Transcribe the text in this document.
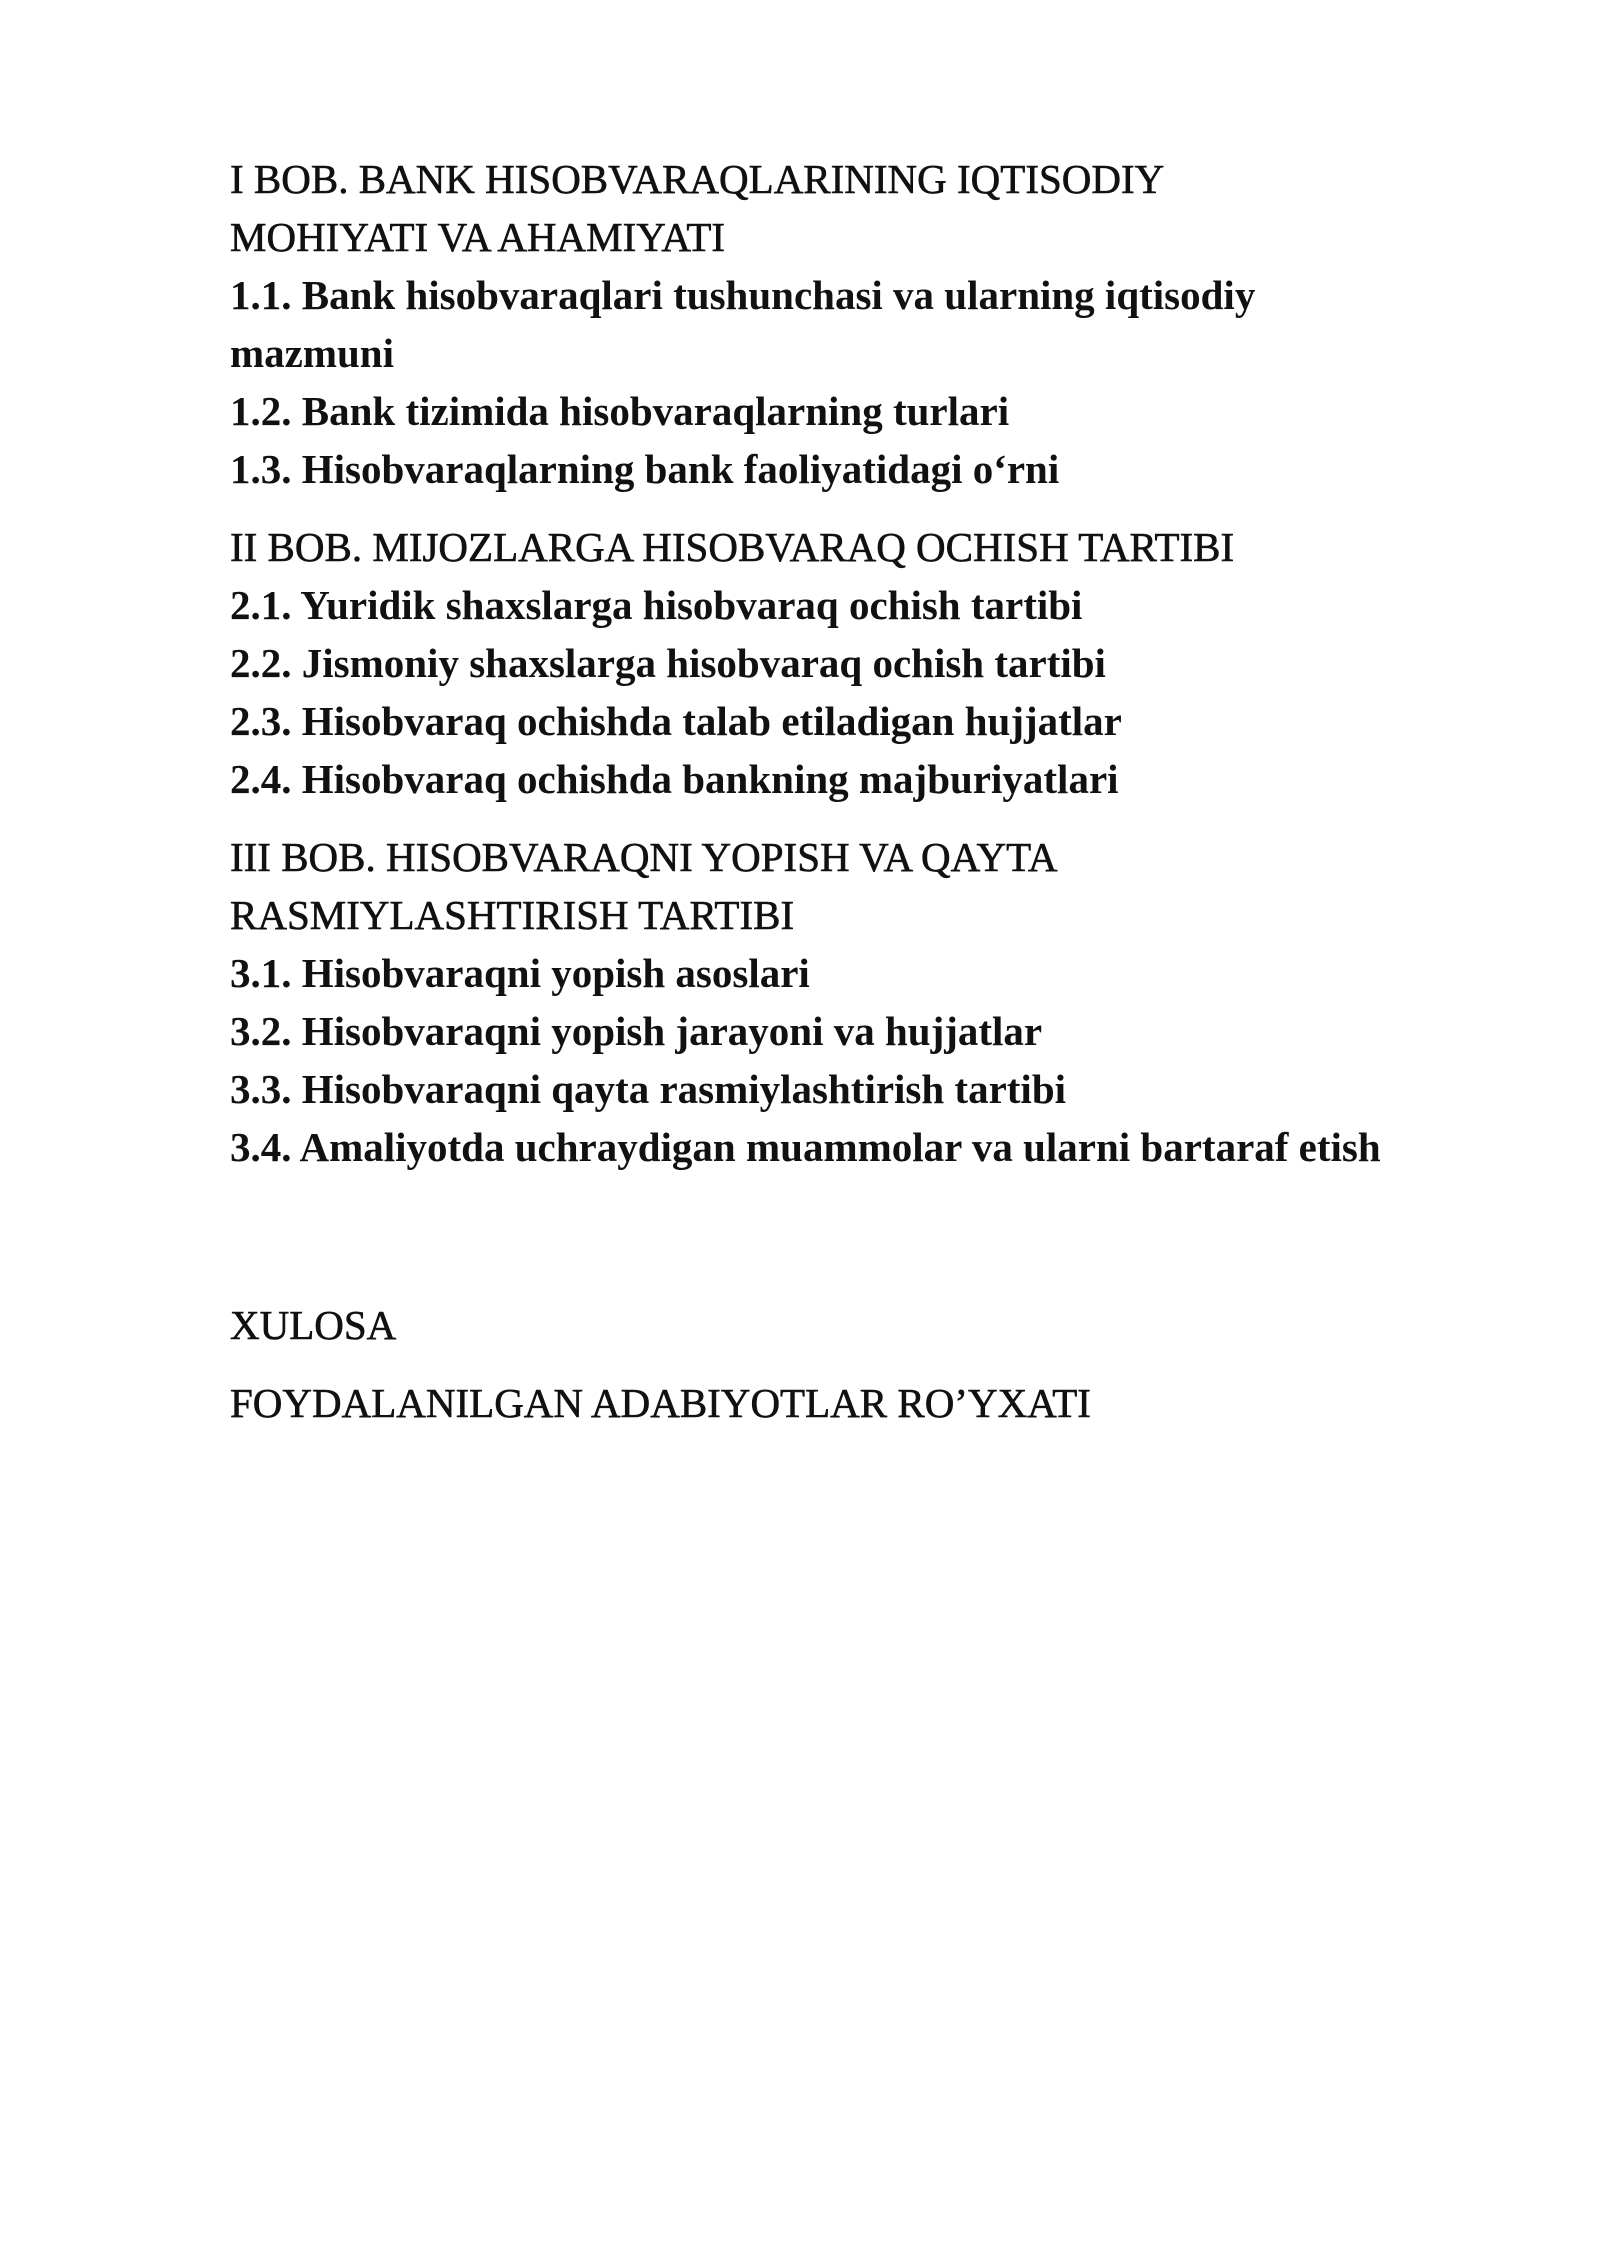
I BOB. BANK HISOBVARAQLARINING IQTISODIY
MOHIYATI VA AHAMIYATI
1.1. Bank hisobvaraqlari tushunchasi va ularning iqtisodiy
mazmuni
1.2. Bank tizimida hisobvaraqlarning turlari
1.3. Hisobvaraqlarning bank faoliyatidagi o‘rni
II BOB. MIJOZLARGA HISOBVARAQ OCHISH TARTIBI
2.1. Yuridik shaxslarga hisobvaraq ochish tartibi
2.2. Jismoniy shaxslarga hisobvaraq ochish tartibi
2.3. Hisobvaraq ochishda talab etiladigan hujjatlar
2.4. Hisobvaraq ochishda bankning majburiyatlari
III BOB. HISOBVARAQNI YOPISH VA QAYTA
RASMIYLASHTIRISH TARTIBI
3.1. Hisobvaraqni yopish asoslari
3.2. Hisobvaraqni yopish jarayoni va hujjatlar
3.3. Hisobvaraqni qayta rasmiylashtirish tartibi
3.4. Amaliyotda uchraydigan muammolar va ularni bartaraf etish
XULOSA
FOYDALANILGAN ADABIYOTLAR RO’YXATI
